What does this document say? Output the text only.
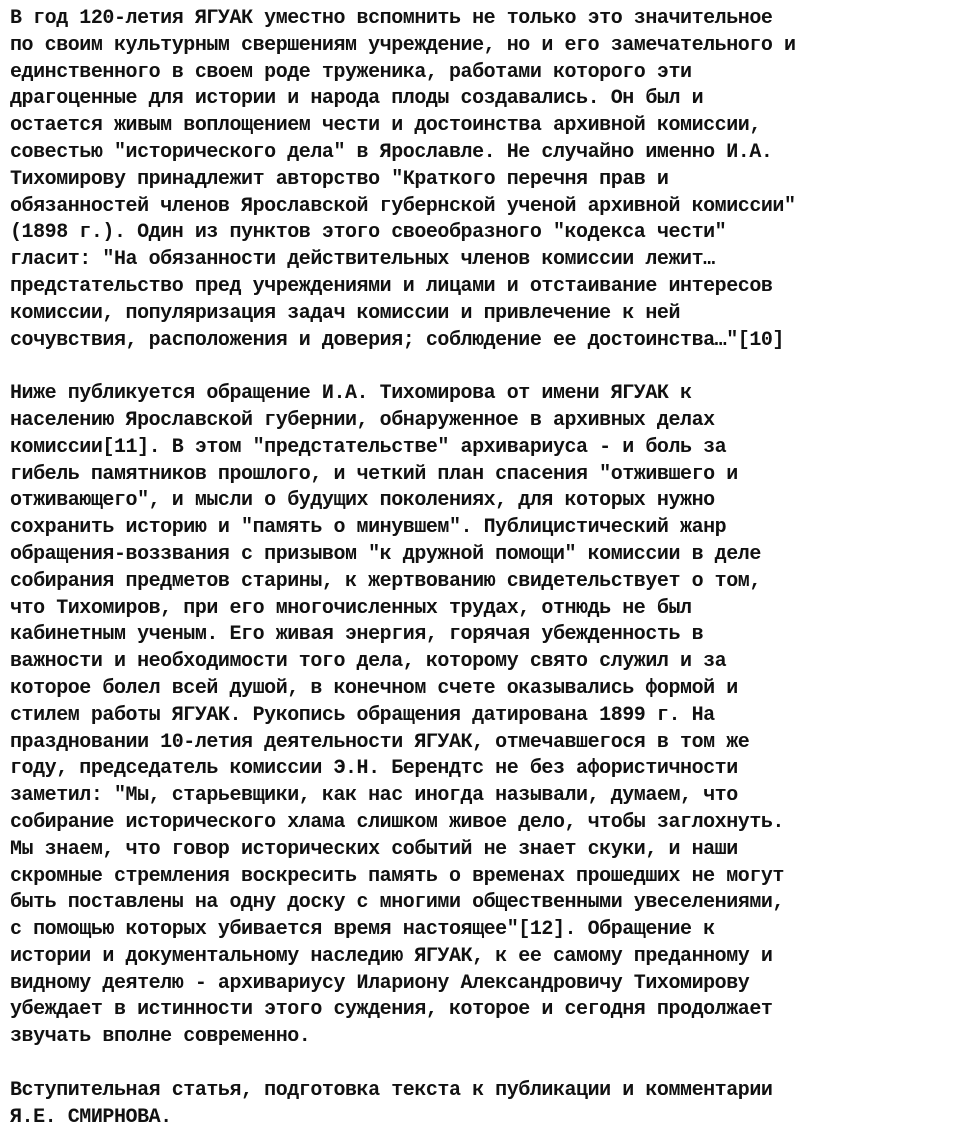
В год 120-летия ЯГУАК уместно вспомнить не только это значительное
по своим культурным свершениям учреждение, но и его замечательного и
единственного в своем роде труженика, работами которого эти
драгоценные для истории и народа плоды создавались. Он был и
остается живым воплощением чести и достоинства архивной комиссии,
совестью "исторического дела" в Ярославле. Не случайно именно И.А.
Тихомирову принадлежит авторство "Краткого перечня прав и
обязанностей членов Ярославской губернской ученой архивной комиссии"
(1898 г.). Один из пунктов этого своеобразного "кодекса чести"
гласит: "На обязанности действительных членов комиссии лежит…
предстательство пред учреждениями и лицами и отстаивание интересов
комиссии, популяризация задач комиссии и привлечение к ней
сочувствия, расположения и доверия; соблюдение ее достоинства…"[10]

Ниже публикуется обращение И.А. Тихомирова от имени ЯГУАК к
населению Ярославской губернии, обнаруженное в архивных делах
комиссии[11]. В этом "предстательстве" архивариуса - и боль за
гибель памятников прошлого, и четкий план спасения "отжившего и
отживающего", и мысли о будущих поколениях, для которых нужно
сохранить историю и "память о минувшем". Публицистический жанр
обращения-воззвания с призывом "к дружной помощи" комиссии в деле
собирания предметов старины, к жертвованию свидетельствует о том,
что Тихомиров, при его многочисленных трудах, отнюдь не был
кабинетным ученым. Его живая энергия, горячая убежденность в
важности и необходимости того дела, которому свято служил и за
которое болел всей душой, в конечном счете оказывались формой и
стилем работы ЯГУАК. Рукопись обращения датирована 1899 г. На
праздновании 10-летия деятельности ЯГУАК, отмечавшегося в том же
году, председатель комиссии Э.Н. Берендтс не без афористичности
заметил: "Мы, старьевщики, как нас иногда называли, думаем, что
собирание исторического хлама слишком живое дело, чтобы заглохнуть.
Мы знаем, что говор исторических событий не знает скуки, и наши
скромные стремления воскресить память о временах прошедших не могут
быть поставлены на одну доску с многими общественными увеселениями,
с помощью которых убивается время настоящее"[12]. Обращение к
истории и документальному наследию ЯГУАК, к ее самому преданному и
видному деятелю - архивариусу Илариону Александровичу Тихомирову
убеждает в истинности этого суждения, которое и сегодня продолжает
звучать вполне современно.

Вступительная статья, подготовка текста к публикации и комментарии
Я.Е. СМИРНОВА.
